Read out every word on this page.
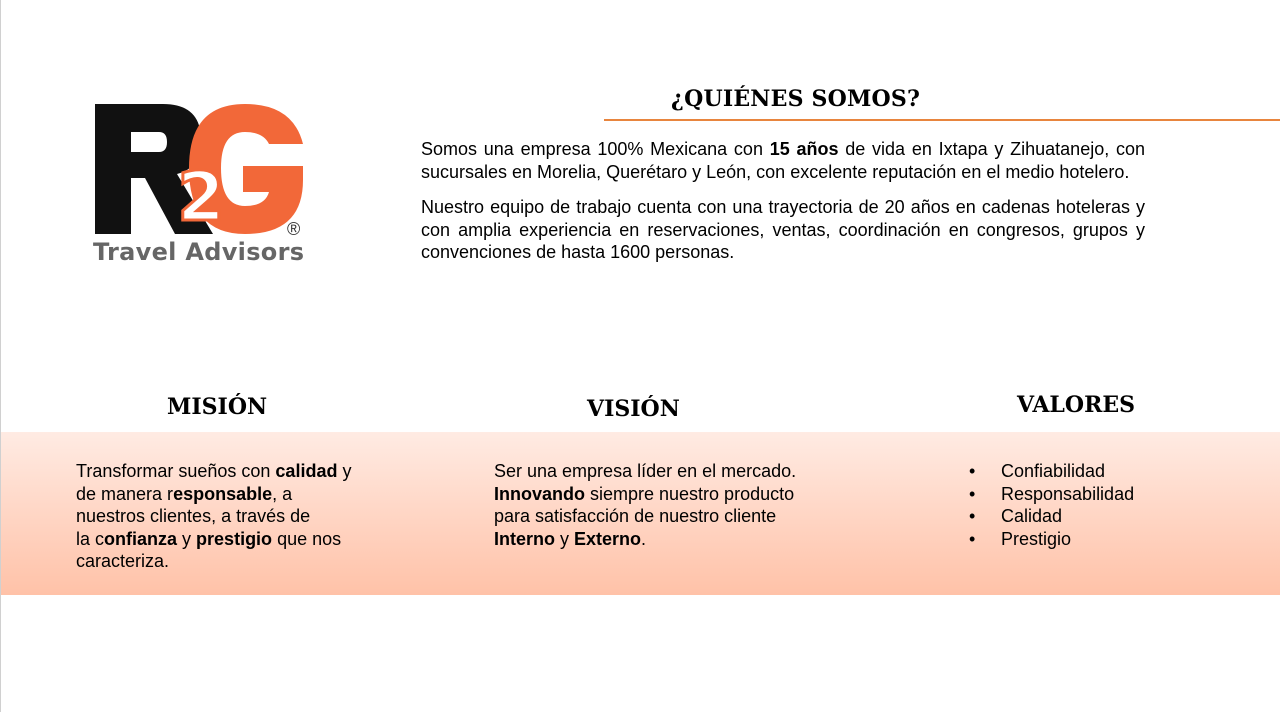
2	®
Travel Advisors
¿QUIÉNES SOMOS?

Somos una empresa 100% Mexicana con 15 años de vida en Ixtapa y Zihuatanejo, con sucursales en Morelia, Querétaro y León, con excelente reputación en el medio hotelero.

Nuestro equipo de trabajo cuenta con una trayectoria de 20 años en cadenas hoteleras y con amplia experiencia en reservaciones, ventas, coordinación en congresos, grupos y convenciones de hasta 1600 personas.

MISIÓN	VISIÓN	VALORES

Transformar sueños con calidad y

de manera responsable, a

nuestros clientes, a través de

la confianza y prestigio que nos

caracteriza.

Ser una empresa líder en el mercado.

Innovando siempre nuestro producto

para satisfacción de nuestro cliente

Interno y Externo.

• Confiabilidad
• Responsabilidad
• Calidad
• Prestigio
